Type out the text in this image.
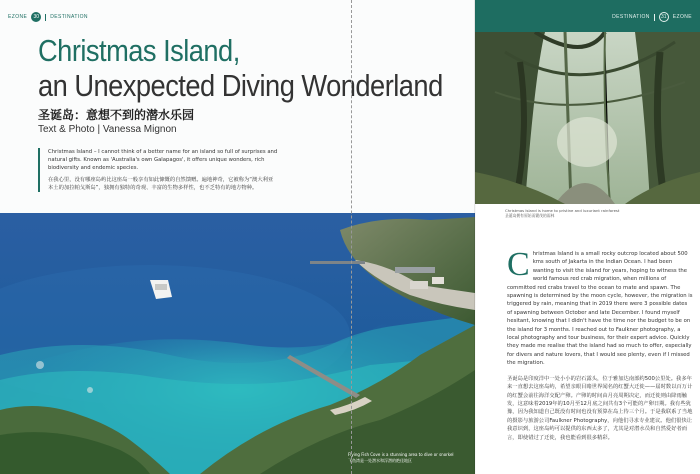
EZONE	30	DESTINATION
Christmas Island,
an Unexpected Diving Wonderland
圣诞岛：意想不到的潜水乐园
Text & Photo | Vanessa Mignon

Christmas Island – I cannot think of a better name for an island so full of surprises and natural gifts. Known as 'Australia's own Galapagos', it offers unique wonders, rich biodiversity and endemic species.

在我心里，没有哪座岛屿比这座岛一般享有如此慷慨的自然馈赠。遍地神奇，它被称为“澳大利亚本土的加拉帕戈斯岛”，独拥有独特的奇观、丰富的生物多样性，也不乏特有的地方物种。

Flying Fish Cove is a stunning area to dive or snorkel
飞鱼湾是一处潜水和浮潜的绝佳地区
DESTINATION	31	EZONE
Christmas Island is home to pristine and luxuriant rainforest
圣诞岛拥有原始而繁茂的雨林
C hristmas Island is a small rocky outcrop located about 500 kms south of Jakarta in the Indian Ocean. I had been wanting to visit the island for years, hoping to witness the world famous red crab migration, when millions of committed red crabs travel to the ocean to mate and spawn. The spawning is determined by the moon cycle, however, the migration is triggered by rain, meaning that in 2019 there were 3 possible dates of spawning between October and late December. I found myself hesitant, knowing that I didn't have the time nor the budget to be on the island for 3 months. I reached out to Faulkner photography, a local photography and tour business, for their expert advice. Quickly they made me realise that the island had so much to offer, especially for divers and nature lovers, that I would see plenty, even if I missed the migration.

圣诞岛是印度洋中一处小小的岩石露头，位于雅加达南部约500公里处。我多年来一直想去这座岛屿，希望亲眼目睹世界闻名的红蟹大迁徙——届时数以百万计的红蟹会前往海洋交配产卵。产卵的时间由月亮周期决定，而迁徙则由降雨触发，这意味着2019年的10月至12月底之间共有3个可能的产卵日期。我有些犹豫，因为我知道自己既没有时间也没有预算在岛上待三个月。于是我联系了当地的摄影与旅游公司Faulkner Photography，向他们寻求专业建议。他们很快让我意识到，这座岛屿可以提供的东西太多了，尤其是对潜水员和自然爱好者而言，即使错过了迁徙，我也能看到很多精彩。
